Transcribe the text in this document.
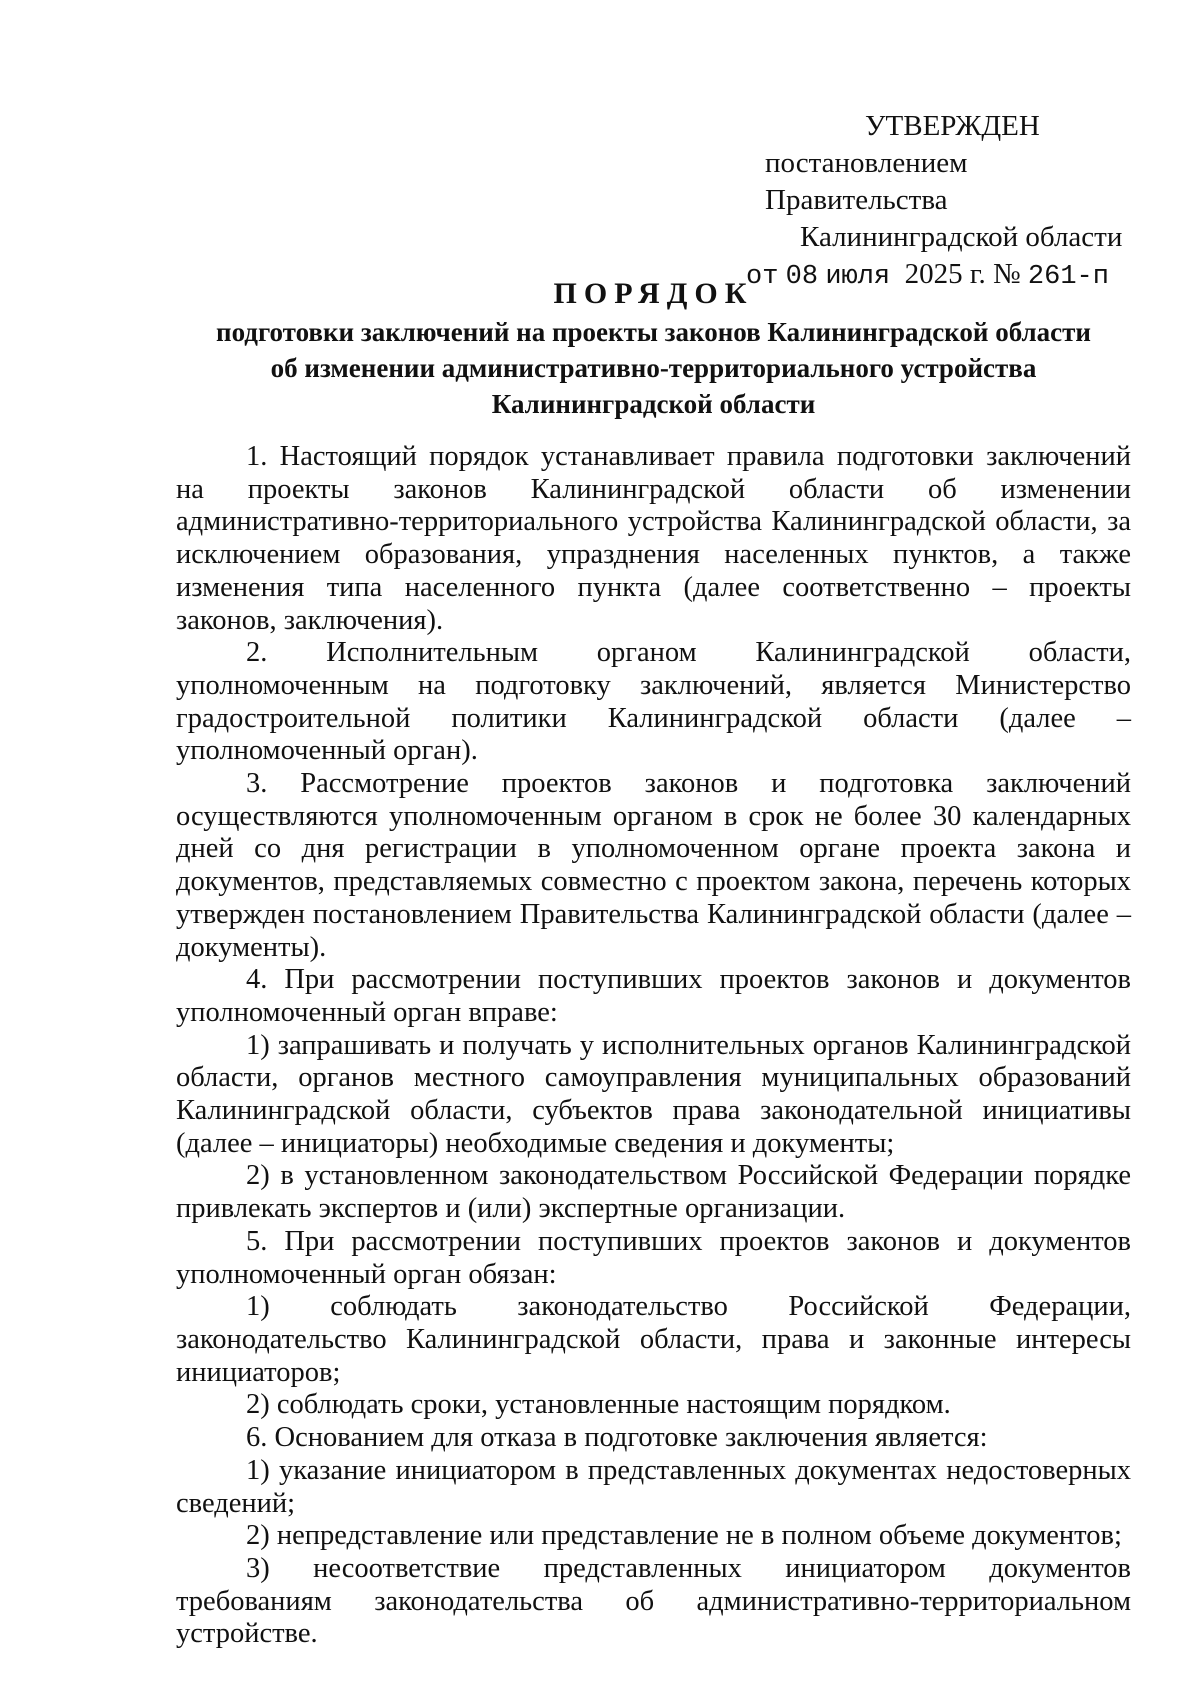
УТВЕРЖДЕН
постановлением Правительства
Калининградской области
от 08 июля 2025 г. № 261-п
ПОРЯДОК
подготовки заключений на проекты законов Калининградской области
об изменении административно-территориального устройства
Калининградской области

1. Настоящий порядок устанавливает правила подготовки заключений на проекты законов Калининградской области об изменении административно-территориального устройства Калининградской области, за исключением образования, упразднения населенных пунктов, а также изменения типа населенного пункта (далее соответственно – проекты законов, заключения).

2. Исполнительным органом Калининградской области, уполномоченным на подготовку заключений, является Министерство градостроительной политики Калининградской области (далее – уполномоченный орган).

3. Рассмотрение проектов законов и подготовка заключений осуществляются уполномоченным органом в срок не более 30 календарных дней со дня регистрации в уполномоченном органе проекта закона и документов, представляемых совместно с проектом закона, перечень которых утвержден постановлением Правительства Калининградской области (далее – документы).

4. При рассмотрении поступивших проектов законов и документов уполномоченный орган вправе:

1) запрашивать и получать у исполнительных органов Калининградской области, органов местного самоуправления муниципальных образований Калининградской области, субъектов права законодательной инициативы (далее – инициаторы) необходимые сведения и документы;

2) в установленном законодательством Российской Федерации порядке привлекать экспертов и (или) экспертные организации.

5. При рассмотрении поступивших проектов законов и документов уполномоченный орган обязан:

1) соблюдать законодательство Российской Федерации, законодательство Калининградской области, права и законные интересы инициаторов;

2) соблюдать сроки, установленные настоящим порядком.

6. Основанием для отказа в подготовке заключения является:

1) указание инициатором в представленных документах недостоверных сведений;

2) непредставление или представление не в полном объеме документов;

3) несоответствие представленных инициатором документов требованиям законодательства об административно-территориальном устройстве.
